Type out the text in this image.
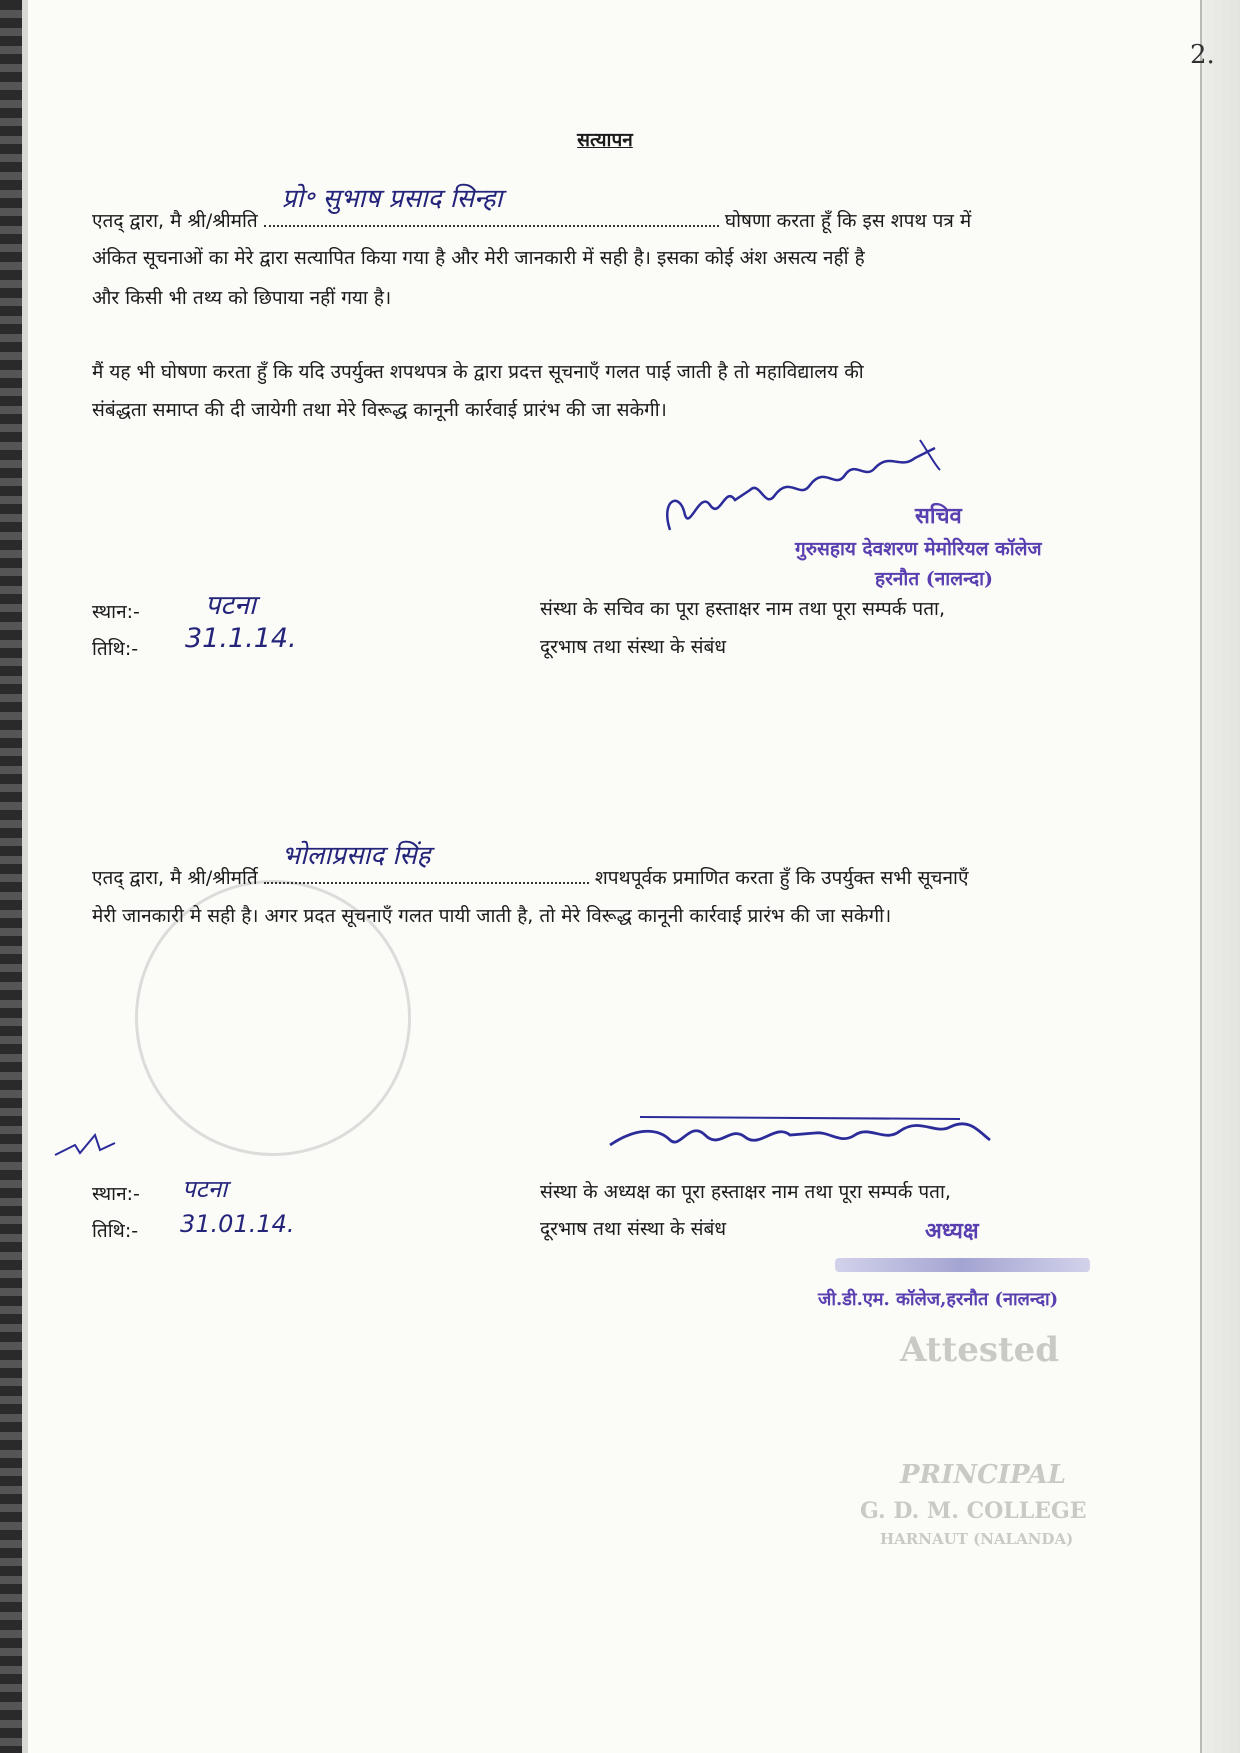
Attested
PRINCIPAL
G. D. M. COLLEGE
HARNAUT (NALANDA)
2.
सत्यापन
एतद् द्वारा, मै श्री/श्रीमति
प्रो॰ सुभाष प्रसाद सिन्हा
घोषणा करता हूँ कि इस शपथ पत्र में
अंकित सूचनाओं का मेरे द्वारा सत्यापित किया गया है और मेरी जानकारी में सही है। इसका कोई अंश असत्य नहीं है
और किसी भी तथ्य को छिपाया नहीं गया है।
मैं यह भी घोषणा करता हुँ कि यदि उपर्युक्त शपथपत्र के द्वारा प्रदत्त सूचनाएँ गलत पाई जाती है तो महाविद्यालय की
संबंद्धता समाप्त की दी जायेगी तथा मेरे विरूद्ध कानूनी कार्रवाई प्रारंभ की जा सकेगी।
सचिव
गुरुसहाय देवशरण मेमोरियल कॉलेज
हरनौत (नालन्दा)
स्थान:- पटना
तिथि:- 31.1.14.
संस्था के सचिव का पूरा हस्ताक्षर नाम तथा पूरा सम्पर्क पता,
दूरभाष तथा संस्था के संबंध
एतद् द्वारा, मै श्री/श्रीमर्ति
भोलाप्रसाद सिंह
शपथपूर्वक प्रमाणित करता हुँ कि उपर्युक्त सभी सूचनाएँ
मेरी जानकारी मे सही है। अगर प्रदत सूचनाएँ गलत पायी जाती है, तो मेरे विरूद्ध कानूनी कार्रवाई प्रारंभ की जा सकेगी।
स्थान:- पटना
तिथि:- 31.01.14.
संस्था के अध्यक्ष का पूरा हस्ताक्षर नाम तथा पूरा सम्पर्क पता,
दूरभाष तथा संस्था के संबंध	अध्यक्ष
जी.डी.एम. कॉलेज,हरनौत (नालन्दा)
